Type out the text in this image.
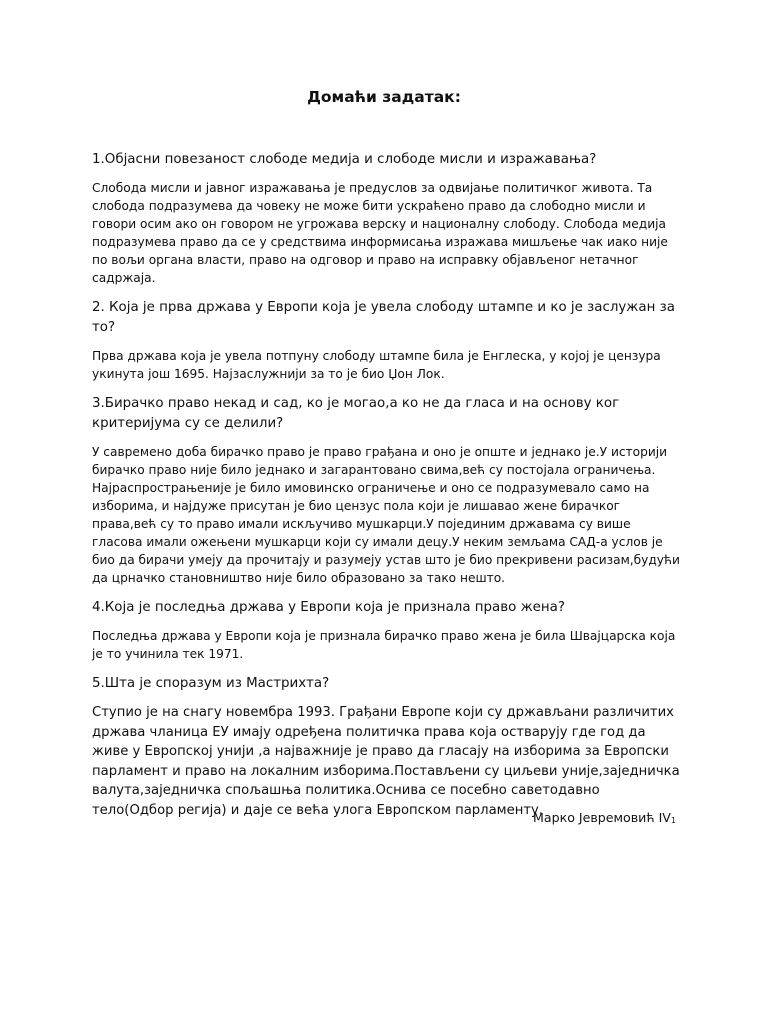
Домаћи задатак:

1.Објасни повезаност слободе медија и слободе мисли и изражавања?

Слобода мисли и јавног изражавања је предуслов за одвијање политичког живота. Та слобода подразумева да човеку не може бити ускраћено право да слободно мисли и говори осим ако он говором не угрожава верску и националну слободу. Слобода медија подразумева право да се у средствима информисања изражава мишљење чак иако није по вољи органа власти, право на одговор и право на исправку објављеног нетачног садржаја.

2. Која је прва држава у Европи која је увела слободу штампе и ко је заслужан за то?

Прва држава која је увела потпуну слободу штампе била је Енглеска, у којој је цензура укинута још 1695. Најзаслужнији за то је био Џон Лок.

3.Бирачко право некад и сад, ко је могао,а ко не да гласа и на основу ког критеријума су се делили?

У савремено доба бирачко право је право грађана и оно је опште и једнако је.У историји бирачко право није било једнако и загарантовано свима,већ су постојала ограничења. Најраспрострањеније је било имовинско ограничење и оно се подразумевало само на изборима, и најдуже присутан је био цензус пола који је лишавао жене бирачког права,већ су то право имали искључиво мушкарци.У појединим државама су више гласова имали ожењени мушкарци који су имали децу.У неким земљама САД-а услов је био да бирачи умеју да прочитају и разумеју устав што је био прекривени расизам,будући да црначко становништво није било образовано за тако нешто.

4.Која је последња држава у Европи која је признала право жена?

Последња држава у Европи која је признала бирачко право жена је била Швајцарска која је то учинила тек 1971.

5.Шта је споразум из Мастрихта?

Ступио је на снагу новембра 1993. Грађани Европе који су држављани различитих држава чланица ЕУ имају одређена политичка права која остварују где год да живе у Европској унији ,а најважније је право да гласају на изборима за Европски парламент и право на локалним изборима.Постављени су циљеви уније,заједничка валута,заједничка спољашња политика.Оснива се посебно саветодавно тело(Одбор регија) и даје се већа улога Европском парламенту.

Марко Јевремовић $IV_1$
